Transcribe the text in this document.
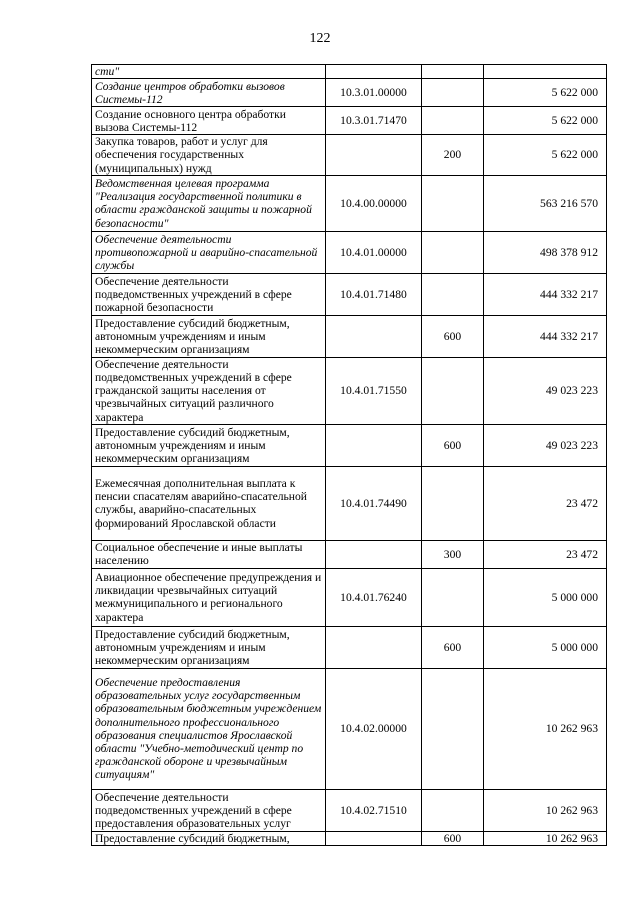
122
сти"			
Создание центров обработки вызовов Системы-112	10.3.01.00000		5 622 000
Создание основного центра обработки вызова Системы-112	10.3.01.71470		5 622 000
Закупка товаров, работ и услуг для обеспечения государственных (муниципальных) нужд		200	5 622 000
Ведомственная целевая программа "Реализация государственной политики в области гражданской защиты и пожарной безопасности"	10.4.00.00000		563 216 570
Обеспечение деятельности противопожарной и аварийно-спасательной службы	10.4.01.00000		498 378 912
Обеспечение деятельности подведомственных учреждений в сфере пожарной безопасности	10.4.01.71480		444 332 217
Предоставление субсидий бюджетным, автономным учреждениям и иным некоммерческим организациям		600	444 332 217
Обеспечение деятельности подведомственных учреждений в сфере гражданской защиты населения от чрезвычайных ситуаций различного характера	10.4.01.71550		49 023 223
Предоставление субсидий бюджетным, автономным учреждениям и иным некоммерческим организациям		600	49 023 223
Ежемесячная дополнительная выплата к пенсии спасателям аварийно-спасательной службы, аварийно-спасательных формирований Ярославской области	10.4.01.74490		23 472
Социальное обеспечение и иные выплаты населению		300	23 472
Авиационное обеспечение предупреждения и ликвидации чрезвычайных ситуаций межмуниципального и регионального характера	10.4.01.76240		5 000 000
Предоставление субсидий бюджетным, автономным учреждениям и иным некоммерческим организациям		600	5 000 000
Обеспечение предоставления образовательных услуг государственным образовательным бюджетным учреждением дополнительного профессионального образования специалистов Ярославской области "Учебно-методический центр по гражданской обороне и чрезвычайным ситуациям"	10.4.02.00000		10 262 963
Обеспечение деятельности подведомственных учреждений в сфере предоставления образовательных услуг	10.4.02.71510		10 262 963
Предоставление субсидий бюджетным,		600	10 262 963
